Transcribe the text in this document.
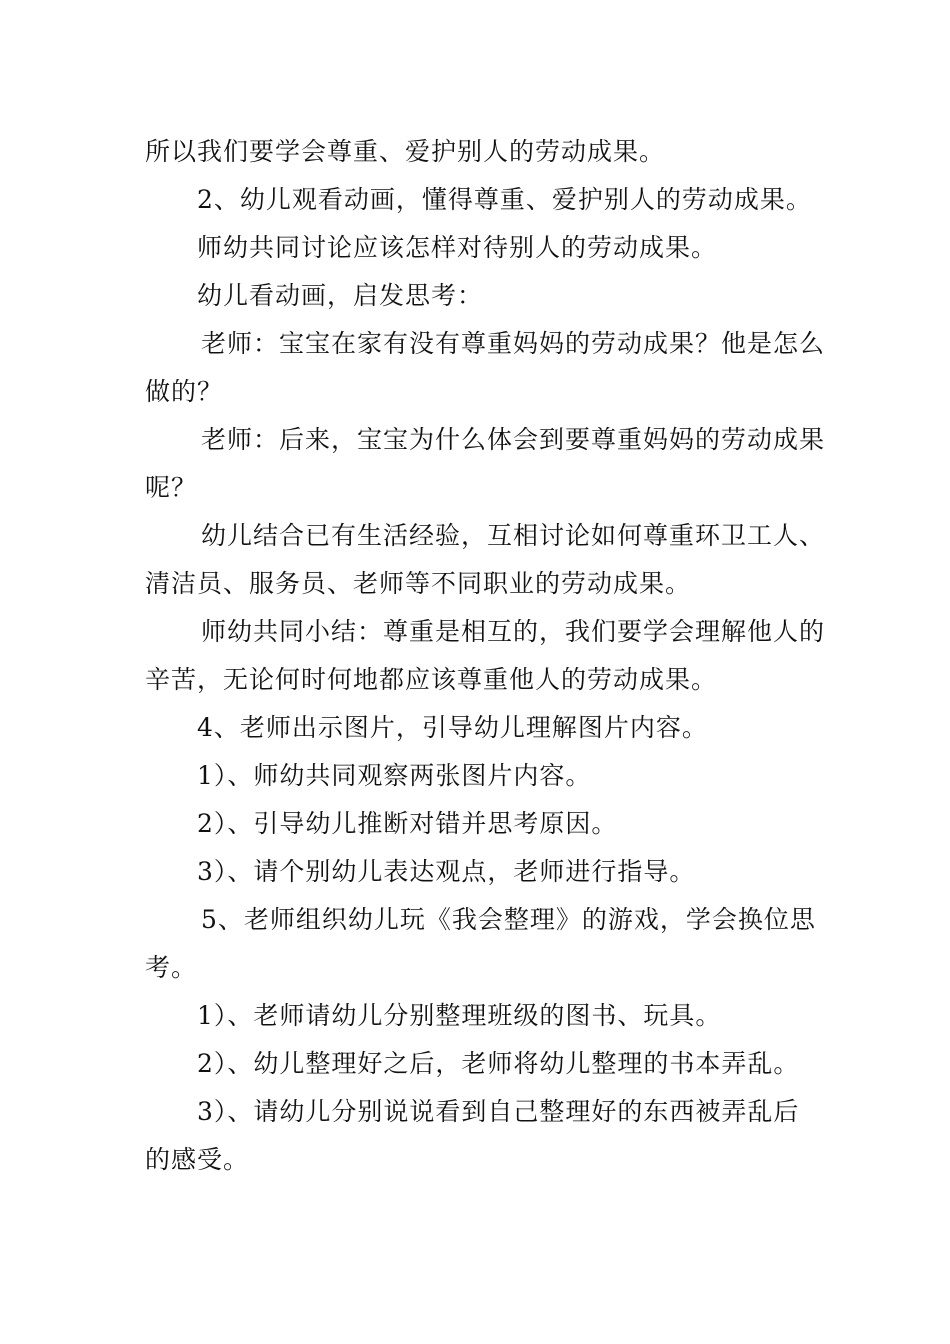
所以我们要学会尊重、爱护别人的劳动成果。

2、幼儿观看动画，懂得尊重、爱护别人的劳动成果。

师幼共同讨论应该怎样对待别人的劳动成果。

幼儿看动画，启发思考：

老师：宝宝在家有没有尊重妈妈的劳动成果？他是怎么做的？

老师：后来，宝宝为什么体会到要尊重妈妈的劳动成果呢？

幼儿结合已有生活经验，互相讨论如何尊重环卫工人、清洁员、服务员、老师等不同职业的劳动成果。

师幼共同小结：尊重是相互的，我们要学会理解他人的辛苦，无论何时何地都应该尊重他人的劳动成果。

4、老师出示图片，引导幼儿理解图片内容。

1）、师幼共同观察两张图片内容。

2）、引导幼儿推断对错并思考原因。

3）、请个别幼儿表达观点，老师进行指导。

5、老师组织幼儿玩《我会整理》的游戏，学会换位思考。

1）、老师请幼儿分别整理班级的图书、玩具。

2）、幼儿整理好之后，老师将幼儿整理的书本弄乱。

3）、请幼儿分别说说看到自己整理好的东西被弄乱后的感受。
